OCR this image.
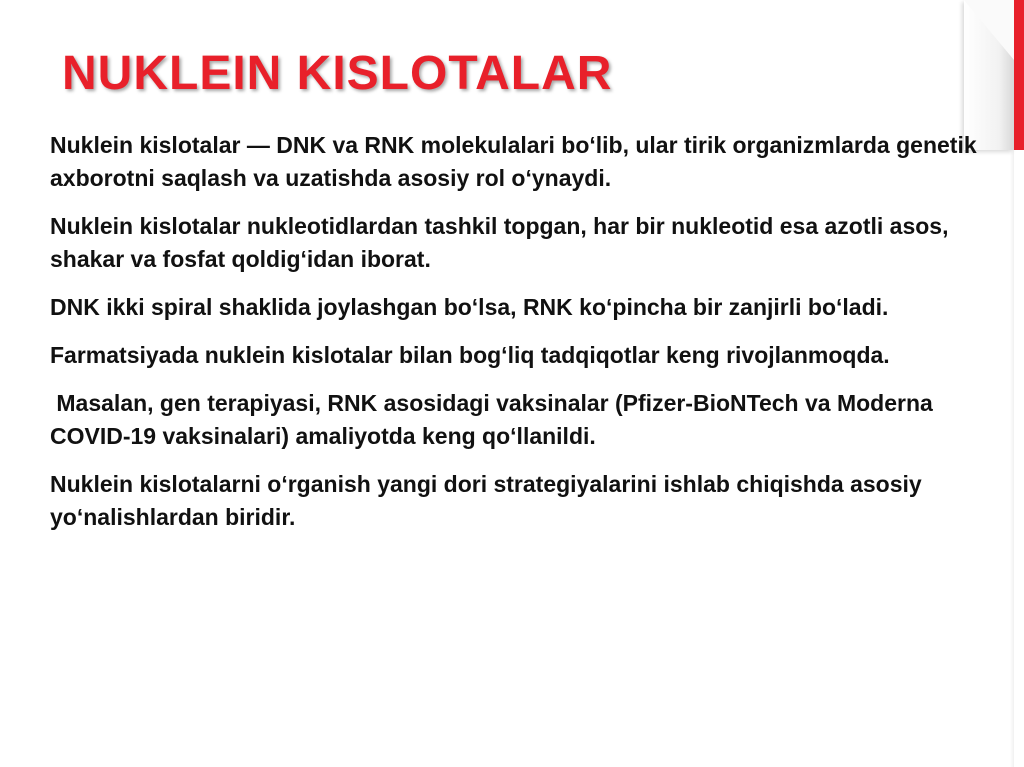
NUKLEIN KISLOTALAR

Nuklein kislotalar — DNK va RNK molekulalari bo‘lib, ular tirik organizmlarda genetik axborotni saqlash va uzatishda asosiy rol o‘ynaydi.

Nuklein kislotalar nukleotidlardan tashkil topgan, har bir nukleotid esa azotli asos, shakar va fosfat qoldig‘idan iborat.

DNK ikki spiral shaklida joylashgan bo‘lsa, RNK ko‘pincha bir zanjirli bo‘ladi.

Farmatsiyada nuklein kislotalar bilan bog‘liq tadqiqotlar keng rivojlanmoqda.

Masalan, gen terapiyasi, RNK asosidagi vaksinalar (Pfizer-BioNTech va Moderna COVID-19 vaksinalari) amaliyotda keng qo‘llanildi.

Nuklein kislotalarni o‘rganish yangi dori strategiyalarini ishlab chiqishda asosiy yo‘nalishlardan biridir.
